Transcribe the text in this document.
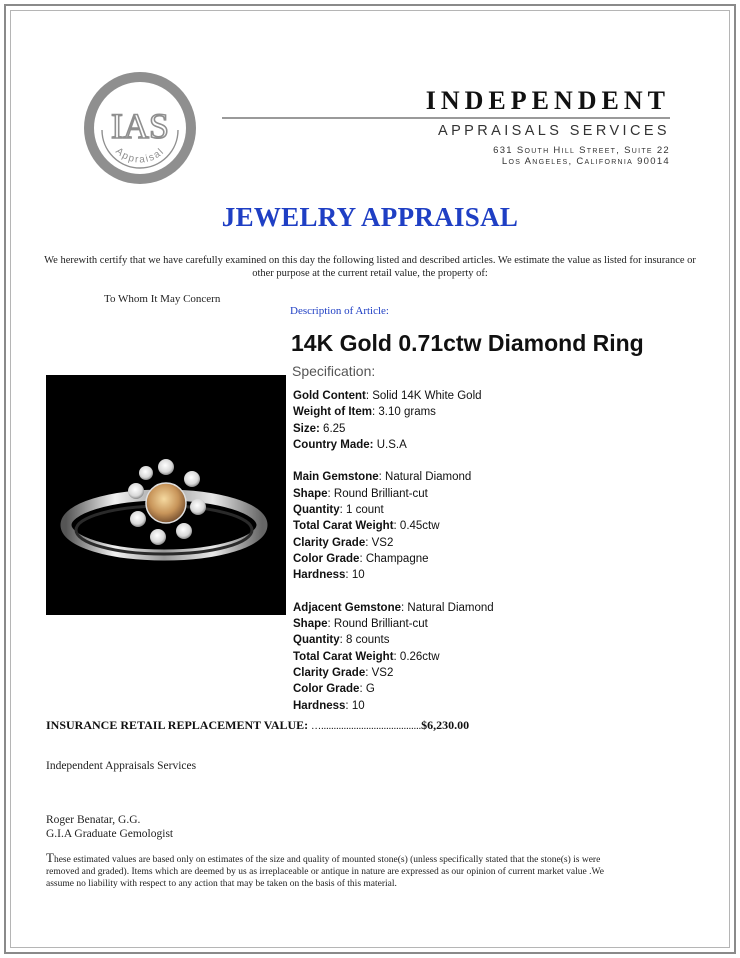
IAS
Appraisal
INDEPENDENT
APPRAISALS SERVICES
631 South Hill Street, Suite 22
Los Angeles, California 90014
JEWELRY APPRAISAL
We herewith certify that we have carefully examined on this day the following listed and described articles. We estimate the value as listed for insurance or other purpose at the current retail value, the property of:
To Whom It May Concern
Description of Article:
14K Gold 0.71ctw Diamond Ring
Specification:
Gold Content: Solid 14K White Gold
Weight of Item: 3.10 grams
Size: 6.25
Country Made: U.S.A
Main Gemstone: Natural Diamond
Shape: Round Brilliant-cut
Quantity: 1 count
Total Carat Weight: 0.45ctw
Clarity Grade: VS2
Color Grade: Champagne
Hardness: 10
Adjacent Gemstone: Natural Diamond
Shape: Round Brilliant-cut
Quantity: 8 counts
Total Carat Weight: 0.26ctw
Clarity Grade: VS2
Color Grade: G
Hardness: 10
INSURANCE RETAIL REPLACEMENT VALUE: …........................................$6,230.00
Independent Appraisals Services
Roger Benatar, G.G.
G.I.A Graduate Gemologist
These estimated values are based only on estimates of the size and quality of mounted stone(s) (unless specifically stated that the stone(s) is were removed and graded). Items which are deemed by us as irreplaceable or antique in nature are expressed as our opinion of current market value .We assume no liability with respect to any action that may be taken on the basis of this material.
